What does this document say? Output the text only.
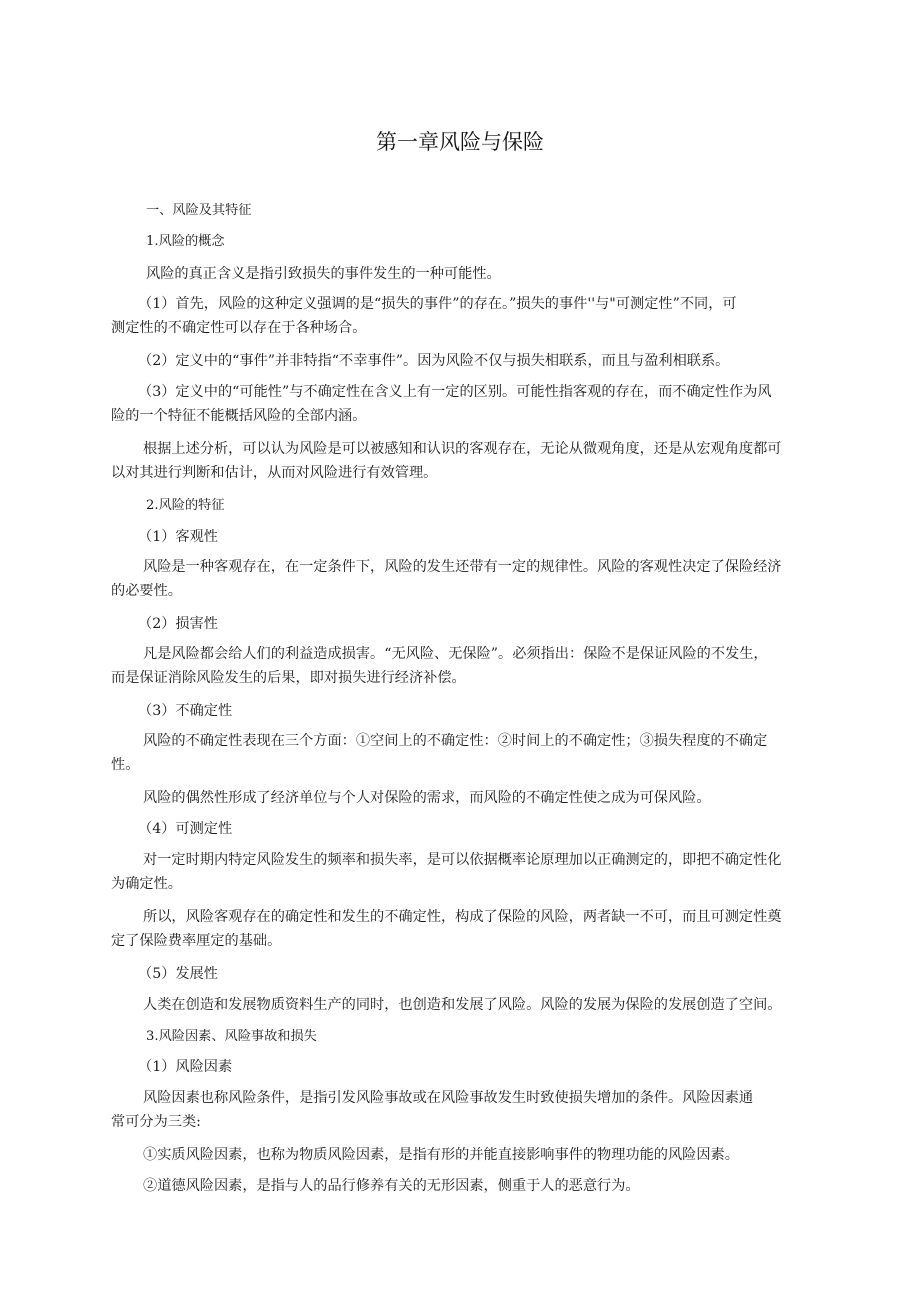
第一章风险与保险
一、风险及其特征
1.风险的概念
风险的真正含义是指引致损失的事件发生的一种可能性。
（1）首先，风险的这种定义强调的是“损失的事件”的存在。”损失的事件''与"可测定性”不同，可
测定性的不确定性可以存在于各种场合。
（2）定义中的“事件”并非特指“不幸事件”。因为风险不仅与损失相联系，而且与盈利相联系。
（3）定义中的“可能性”与不确定性在含义上有一定的区别。可能性指客观的存在，而不确定性作为风
险的一个特征不能概括风险的全部内涵。
根据上述分析，可以认为风险是可以被感知和认识的客观存在，无论从微观角度，还是从宏观角度都可
以对其进行判断和估计，从而对风险进行有效管理。
2.风险的特征
（1）客观性
风险是一种客观存在，在一定条件下，风险的发生还带有一定的规律性。风险的客观性决定了保险经济
的必要性。
（2）损害性
凡是风险都会给人们的利益造成损害。“无风险、无保险”。必须指出：保险不是保证风险的不发生，
而是保证消除风险发生的后果，即对损失进行经济补偿。
（3）不确定性
风险的不确定性表现在三个方面：①空间上的不确定性：②时间上的不确定性；③损失程度的不确定
性。
风险的偶然性形成了经济单位与个人对保险的需求，而风险的不确定性使之成为可保风险。
（4）可测定性
对一定时期内特定风险发生的频率和损失率，是可以依据概率论原理加以正确测定的，即把不确定性化
为确定性。
所以，风险客观存在的确定性和发生的不确定性，构成了保险的风险，两者缺一不可，而且可测定性奠
定了保险费率厘定的基础。
（5）发展性
人类在创造和发展物质资料生产的同时，也创造和发展了风险。风险的发展为保险的发展创造了空间。
3.风险因素、风险事故和损失
（1）风险因素
风险因素也称风险条件，是指引发风险事故或在风险事故发生时致使损失增加的条件。风险因素通
常可分为三类:
①实质风险因素，也称为物质风险因素，是指有形的并能直接影响事件的物理功能的风险因素。
②道德风险因素，是指与人的品行修养有关的无形因素，侧重于人的恶意行为。
